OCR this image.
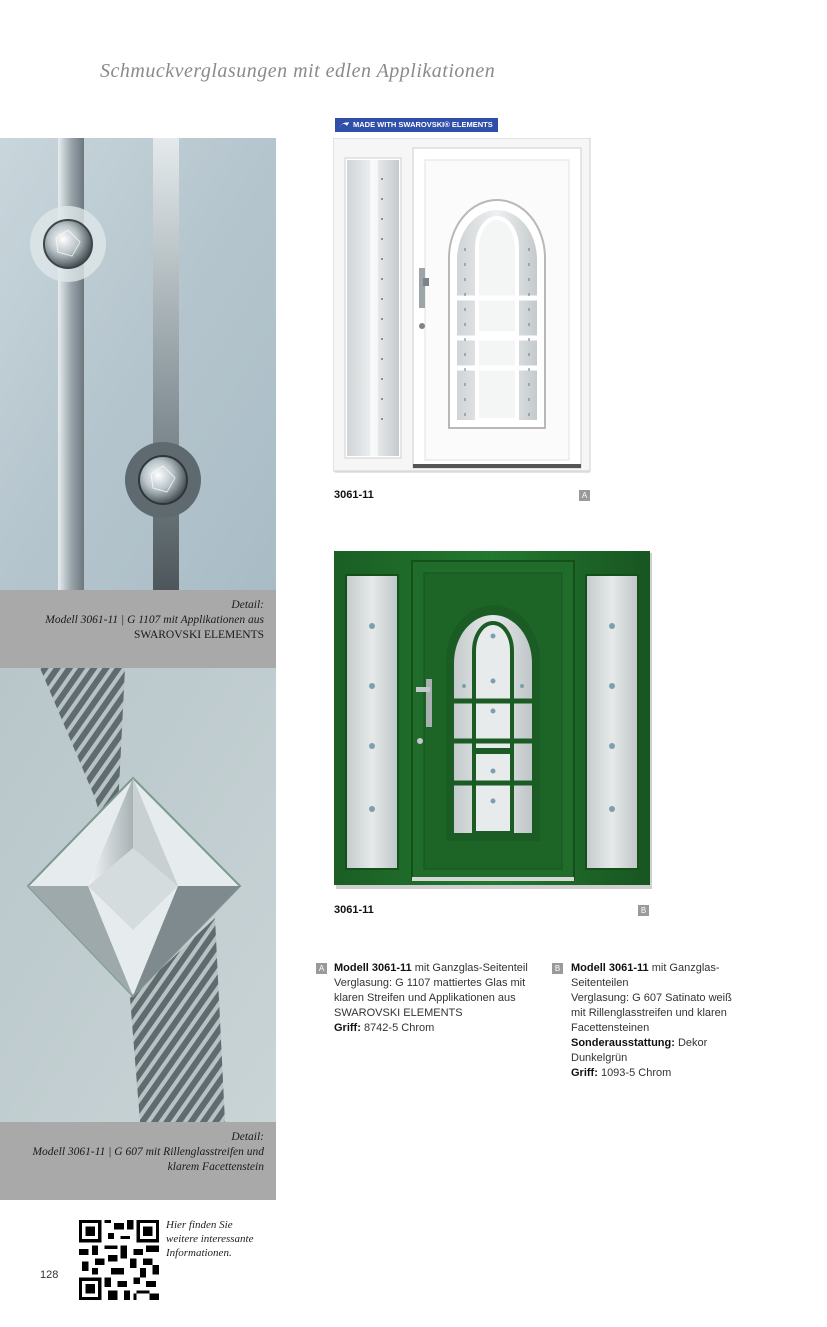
Schmuckverglasungen mit edlen Applikationen
Detail:
Modell 3061-11 | G 1107 mit Applikationen aus
SWAROVSKI ELEMENTS
Detail:
Modell 3061-11 | G 607 mit Rillenglasstreifen und
klarem Facettenstein
MADE WITH SWAROVSKI® ELEMENTS
3061-11	A
3061-11	B
A Modell 3061-11 mit Ganzglas-Seitenteil
Verglasung: G 1107 mattiertes Glas mit
klaren Streifen und Applikationen aus
SWAROVSKI ELEMENTS
Griff: 8742-5 Chrom
B Modell 3061-11 mit Ganzglas-
Seitenteilen
Verglasung: G 607 Satinato weiß
mit Rillenglasstreifen und klaren
Facettensteinen
Sonderausstattung: Dekor
Dunkelgrün
Griff: 1093-5 Chrom
Hier finden Sie
weitere interessante
Informationen.
128
